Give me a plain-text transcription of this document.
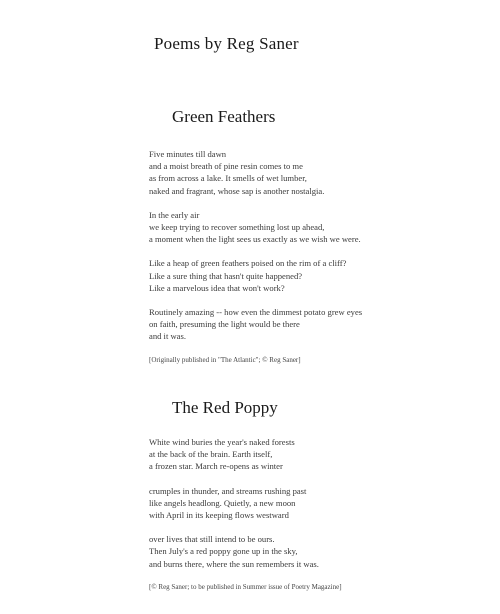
Poems by Reg Saner
Green Feathers
Five minutes till dawn
and a moist breath of pine resin comes to me
as from across a lake. It smells of wet lumber,
naked and fragrant, whose sap is another nostalgia.
In the early air
we keep trying to recover something lost up ahead,
a moment when the light sees us exactly as we wish we were.
Like a heap of green feathers poised on the rim of a cliff?
Like a sure thing that hasn't quite happened?
Like a marvelous idea that won't work?
Routinely amazing -- how even the dimmest potato grew eyes
on faith, presuming the light would be there
and it was.
[Originally published in "The Atlantic"; © Reg Saner]
The Red Poppy
White wind buries the year's naked forests
at the back of the brain. Earth itself,
a frozen star. March re-opens as winter
crumples in thunder, and streams rushing past
like angels headlong. Quietly, a new moon
with April in its keeping flows westward
over lives that still intend to be ours.
Then July's a red poppy gone up in the sky,
and burns there, where the sun remembers it was.
[© Reg Saner; to be published in Summer issue of Poetry Magazine]
